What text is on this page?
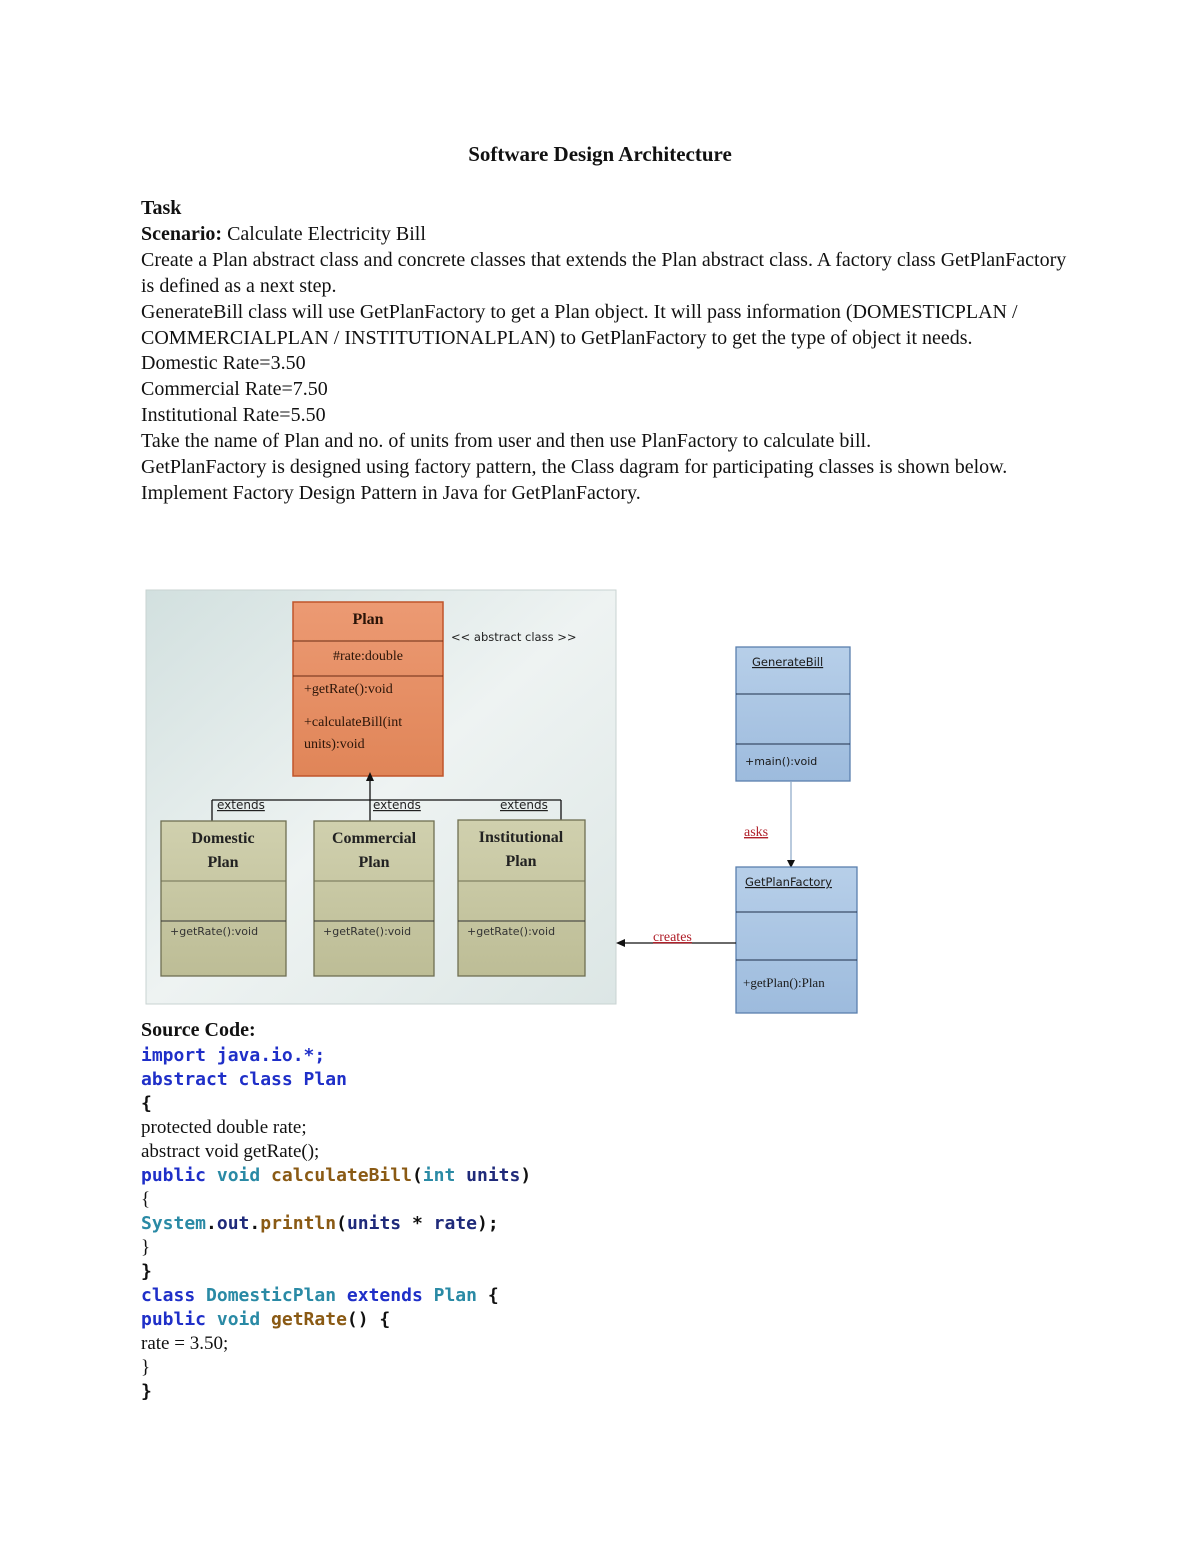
Software Design Architecture
Task
Scenario: Calculate Electricity Bill
Create a Plan abstract class and concrete classes that extends the Plan abstract class. A factory class GetPlanFactory is defined as a next step.
GenerateBill class will use GetPlanFactory to get a Plan object. It will pass information (DOMESTICPLAN / COMMERCIALPLAN / INSTITUTIONALPLAN) to GetPlanFactory to get the type of object it needs.
Domestic Rate=3.50
Commercial Rate=7.50
Institutional Rate=5.50
Take the name of Plan and no. of units from user and then use PlanFactory to calculate bill.
GetPlanFactory is designed using factory pattern, the Class dagram for participating classes is shown below.
Implement Factory Design Pattern in Java for GetPlanFactory.
Plan
#rate:double
+getRate():void
+calculateBill(int
units):void
<< abstract class >>
extends	extends	extends
Domestic
Plan
+getRate():void
Commercial
Plan
+getRate():void
Institutional
Plan
+getRate():void
GenerateBill
+main():void
asks
GetPlanFactory
+getPlan():Plan
creates
Source Code:
import java.io.*;
abstract class Plan
{
protected double rate;
abstract void getRate();
public void calculateBill(int units)
{
System.out.println(units * rate);
}
}
class DomesticPlan extends Plan {
public void getRate() {
rate = 3.50;
}
}
